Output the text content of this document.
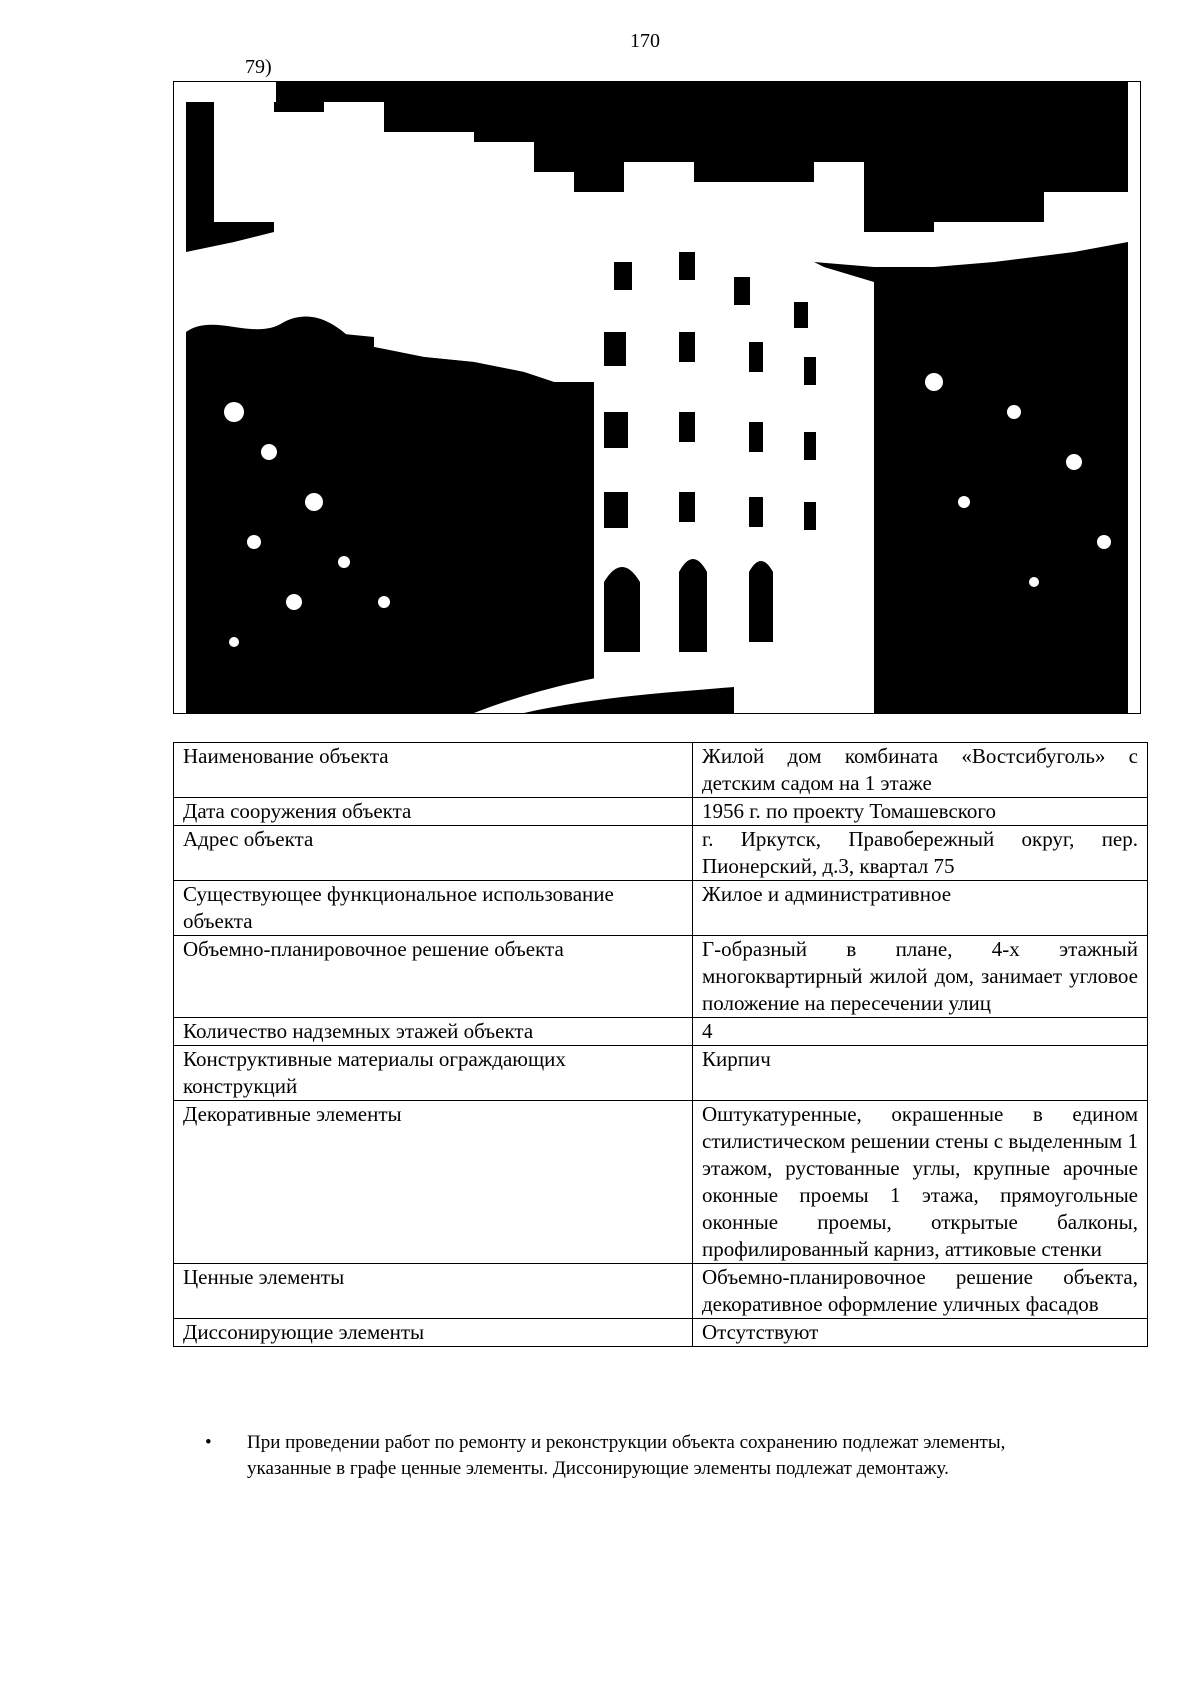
170
79)
Наименование объекта	Жилой дом комбината «Востсибуголь» с детским садом на 1 этаже
Дата сооружения объекта	1956 г. по проекту Томашевского
Адрес объекта	г. Иркутск, Правобережный округ, пер. Пионерский, д.3, квартал 75
Существующее функциональное использование объекта	Жилое и административное
Объемно-планировочное решение объекта	Г-образный в плане, 4-х этажный многоквартирный жилой дом, занимает угловое положение на пересечении улиц
Количество надземных этажей объекта	4
Конструктивные материалы ограждающих конструкций	Кирпич
Декоративные элементы	Оштукатуренные, окрашенные в едином стилистическом решении стены с выделенным 1 этажом, рустованные углы, крупные арочные оконные проемы 1 этажа, прямоугольные оконные проемы, открытые балконы, профилированный карниз, аттиковые стенки
Ценные элементы	Объемно-планировочное решение объекта, декоративное оформление уличных фасадов
Диссонирующие элементы	Отсутствуют
• При проведении работ по ремонту и реконструкции объекта сохранению подлежат элементы, указанные в графе ценные элементы. Диссонирующие элементы подлежат демонтажу.
